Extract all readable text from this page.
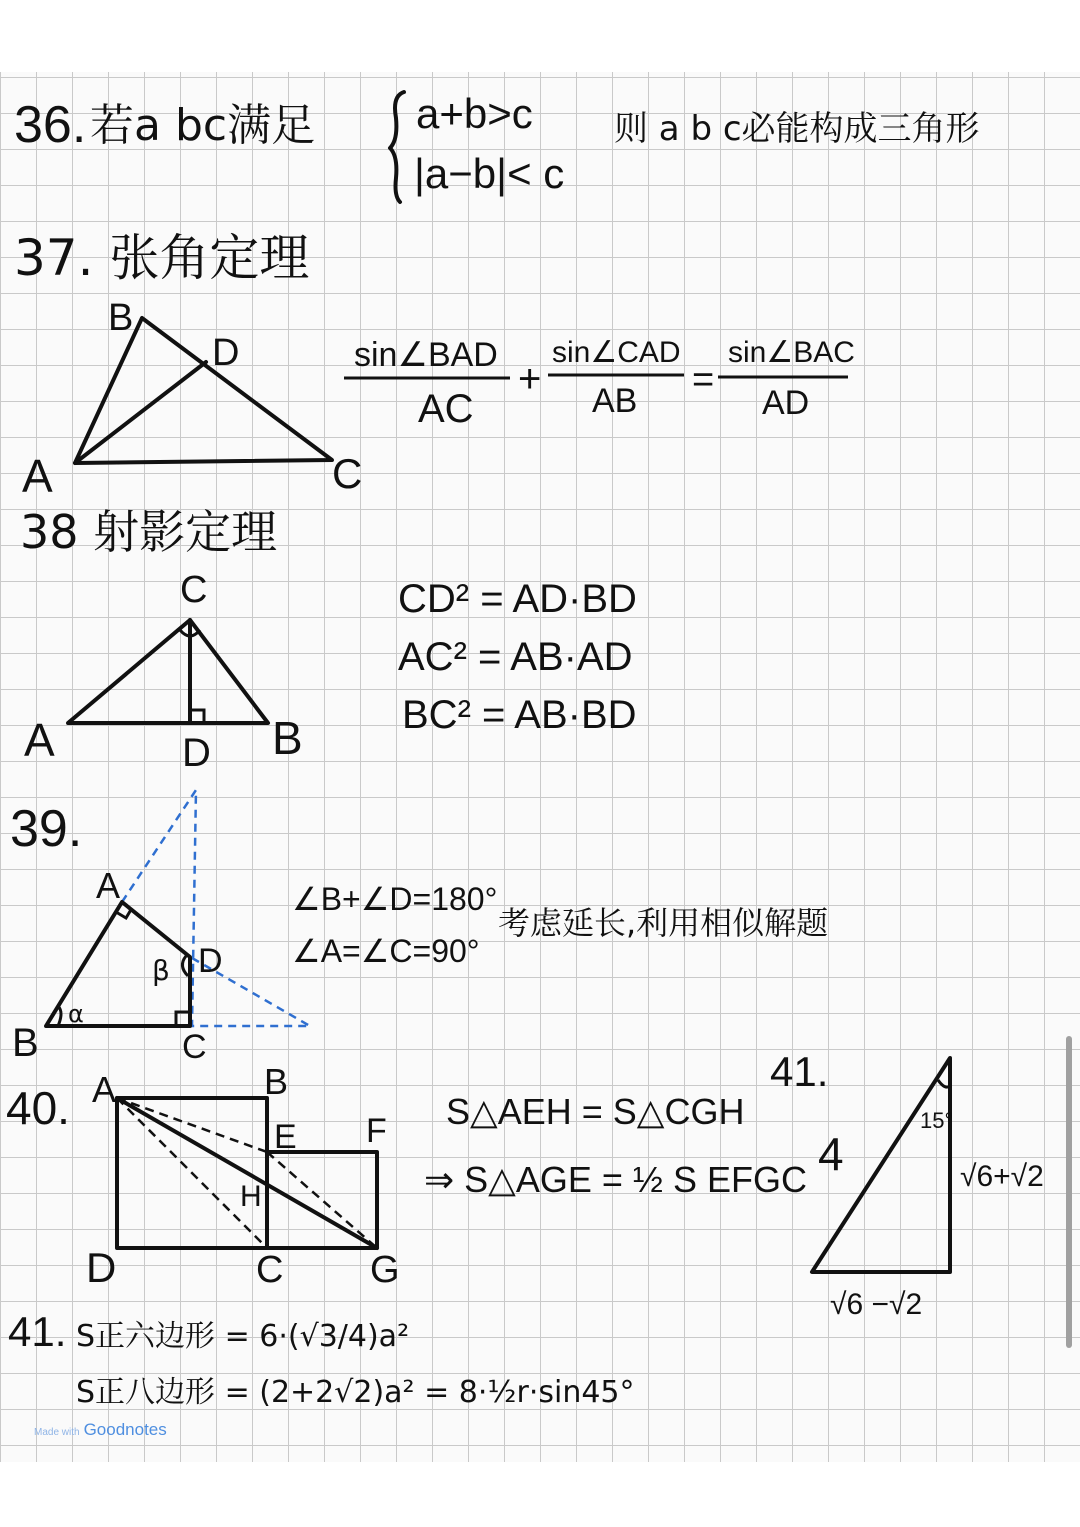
36. 若a bc满足 a+b>c
|a−b|< c
则 a b c必能构成三角形
37. 张角定理
B
D
A	C
sin∠BAD
AC
+
sin∠CAD
AB =
sin∠BAC
AD
38 射影定理
C
A	D B
CD² = AD·BD
AC² = AB·AD
BC² = AB·BD
39.
A
D
B	C
α
β
∠B+∠D=180°
∠A=∠C=90°
考虑延长,利用相似解题
40. A	B
E F
H
D	C G
S△AEH = S△CGH
⇒ S△AGE = ½ S EFGC
41.
4
15°
√6+√2
√6 −√2
41. S正六边形 = 6·(√3/4)a²
S正八边形 = (2+2√2)a² = 8·½r·sin45°
Made with Goodnotes
